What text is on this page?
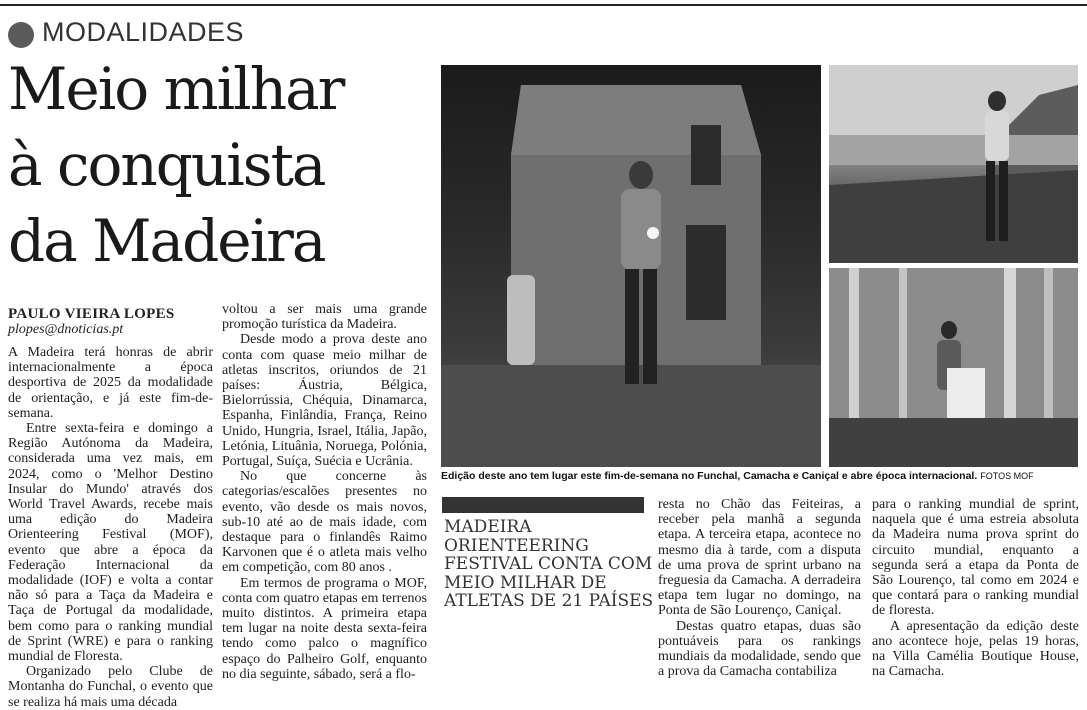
MODALIDADES
Meio milhar
à conquista
da Madeira
PAULO VIEIRA LOPES
plopes@dnoticias.pt

A Madeira terá honras de abrir internacionalmente a época desportiva de 2025 da modalidade de orientação, e já este fim-de-semana.

Entre sexta-feira e domingo a Região Autónoma da Madeira, considerada uma vez mais, em 2024, como o 'Melhor Destino Insular do Mundo' através dos World Travel Awards, recebe mais uma edição do Madeira Orienteering Festival (MOF), evento que abre a época da Federação Internacional da modalidade (IOF) e volta a contar não só para a Taça da Madeira e Taça de Portugal da modalidade, bem como para o ranking mundial de Sprint (WRE) e para o ranking mundial de Floresta.

Organizado pelo Clube de Montanha do Funchal, o evento que se realiza há mais uma década

voltou a ser mais uma grande promoção turística da Madeira.

Desde modo a prova deste ano conta com quase meio milhar de atletas inscritos, oriundos de 21 países: Áustria, Bélgica, Bielorrússia, Chéquia, Dinamarca, Espanha, Finlândia, França, Reino Unido, Hungria, Israel, Itália, Japão, Letónia, Lituânia, Noruega, Polónia, Portugal, Suíça, Suécia e Ucrânia.

No que concerne às categorias/escalões presentes no evento, vão desde os mais novos, sub-10 até ao de mais idade, com destaque para o finlandês Raimo Karvonen que é o atleta mais velho em competição, com 80 anos .

Em termos de programa o MOF, conta com quatro etapas em terrenos muito distintos. A primeira etapa tem lugar na noite desta sexta-feira tendo como palco o magnífico espaço do Palheiro Golf, enquanto no dia seguinte, sábado, será a flo-

Edição deste ano tem lugar este fim-de-semana no Funchal, Camacha e Caniçal e abre época internacional. FOTOS MOF
MADEIRA
ORIENTEERING
FESTIVAL CONTA COM
MEIO MILHAR DE
ATLETAS DE 21 PAÍSES

resta no Chão das Feiteiras, a receber pela manhã a segunda etapa. A terceira etapa, acontece no mesmo dia à tarde, com a disputa de uma prova de sprint urbano na freguesia da Camacha. A derradeira etapa tem lugar no domingo, na Ponta de São Lourenço, Caniçal.

Destas quatro etapas, duas são pontuáveis para os rankings mundiais da modalidade, sendo que a prova da Camacha contabiliza

para o ranking mundial de sprint, naquela que é uma estreia absoluta da Madeira numa prova sprint do circuito mundial, enquanto a segunda será a etapa da Ponta de São Lourenço, tal como em 2024 e que contará para o ranking mundial de floresta.

A apresentação da edição deste ano acontece hoje, pelas 19 horas, na Villa Camélia Boutique House, na Camacha.
